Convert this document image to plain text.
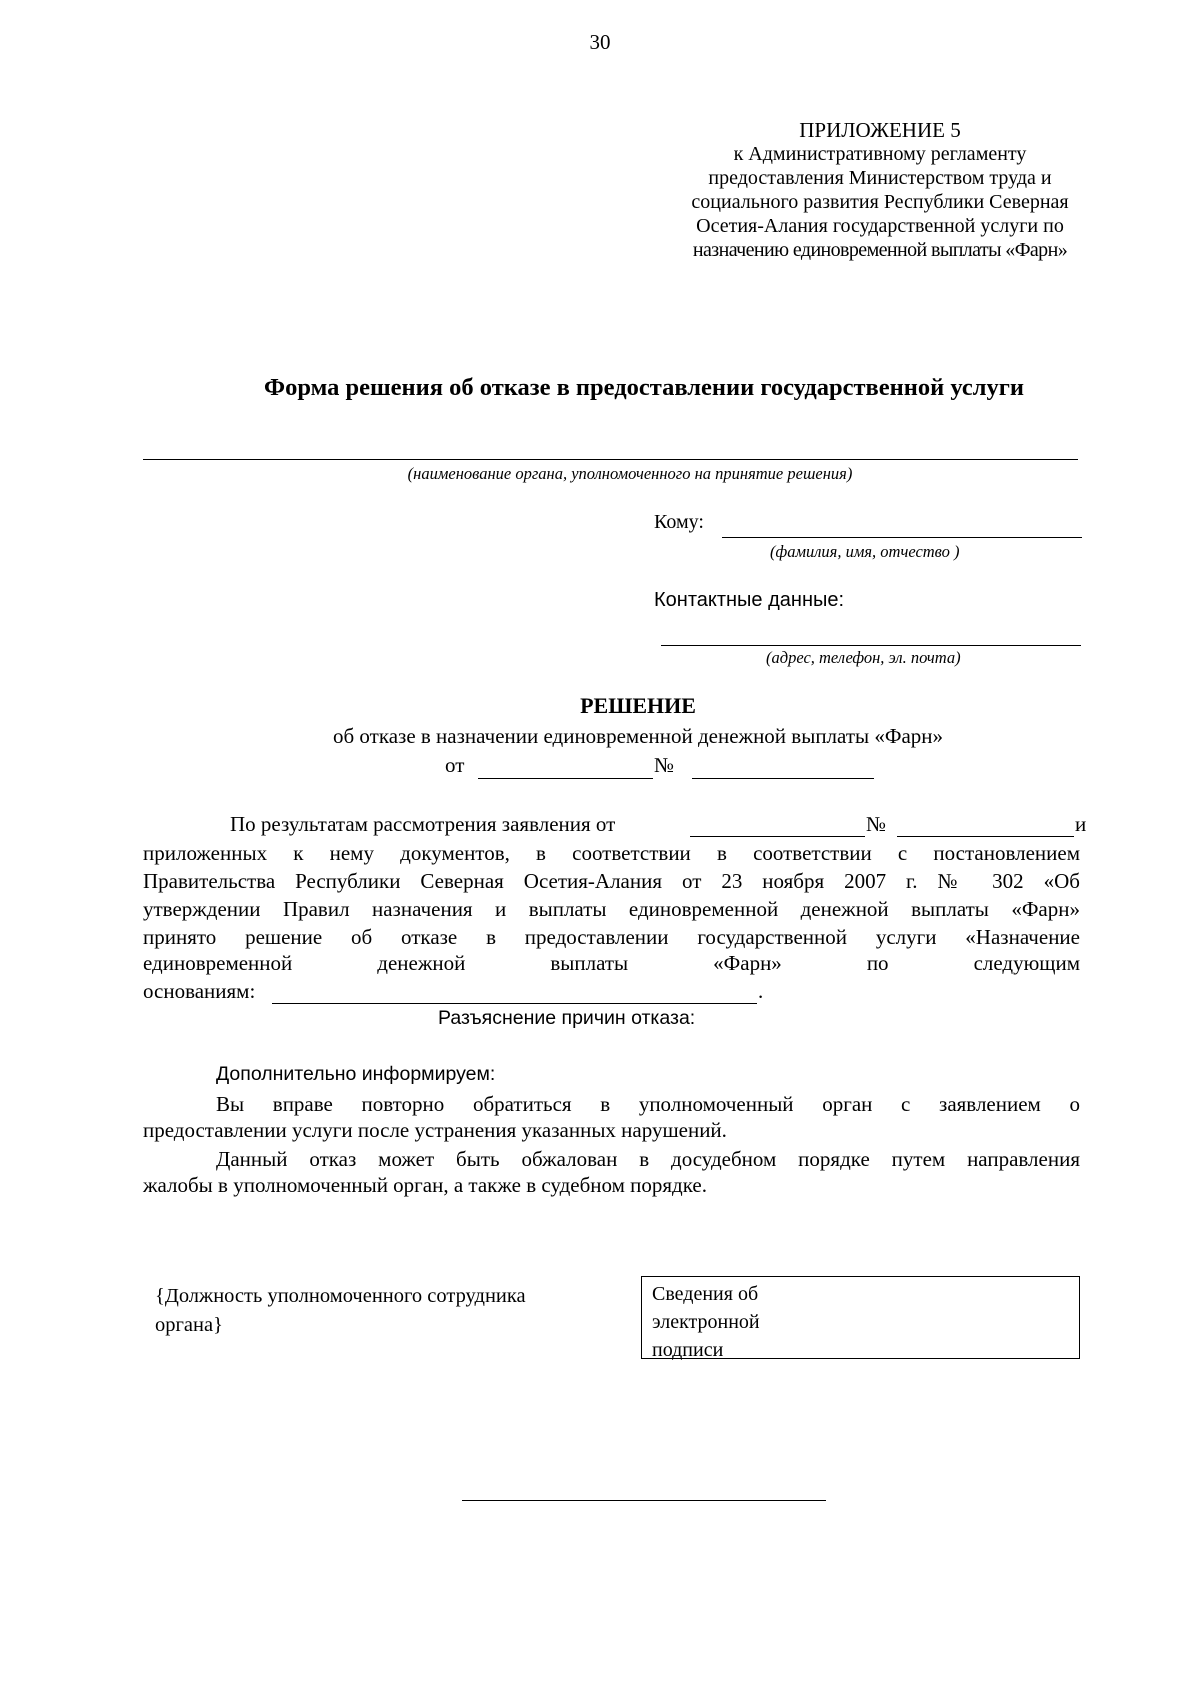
30
ПРИЛОЖЕНИЕ 5
к Административному регламенту
предоставления Министерством труда и
социального развития Республики Северная
Осетия-Алания государственной услуги по
назначению единовременной выплаты «Фарн»
Форма решения об отказе в предоставлении государственной услуги
(наименование органа, уполномоченного на принятие решения)
Кому:
(фамилия, имя, отчество )
Контактные данные:
(адрес, телефон, эл. почта)
РЕШЕНИЕ
об отказе в назначении единовременной денежной выплаты «Фарн»
от	№
По результатам рассмотрения заявления от	№	и
приложенных к нему документов, в соответствии в соответствии с постановлением
Правительства Республики Северная Осетия-Алания от 23 ноября 2007 г. № 302 «Об
утверждении Правил назначения и выплаты единовременной денежной выплаты «Фарн»
принято решение об отказе в предоставлении государственной услуги «Назначение
единовременной	денежной	выплаты	«Фарн»	по	следующим
основаниям:	.
Разъяснение причин отказа:
Дополнительно информируем:
Вы вправе повторно обратиться в уполномоченный орган с заявлением о
предоставлении услуги после устранения указанных нарушений.
Данный отказ может быть обжалован в досудебном порядке путем направления
жалобы в уполномоченный орган, а также в судебном порядке.
{Должность уполномоченного сотрудника
органа}
Сведения об
электронной
подписи
